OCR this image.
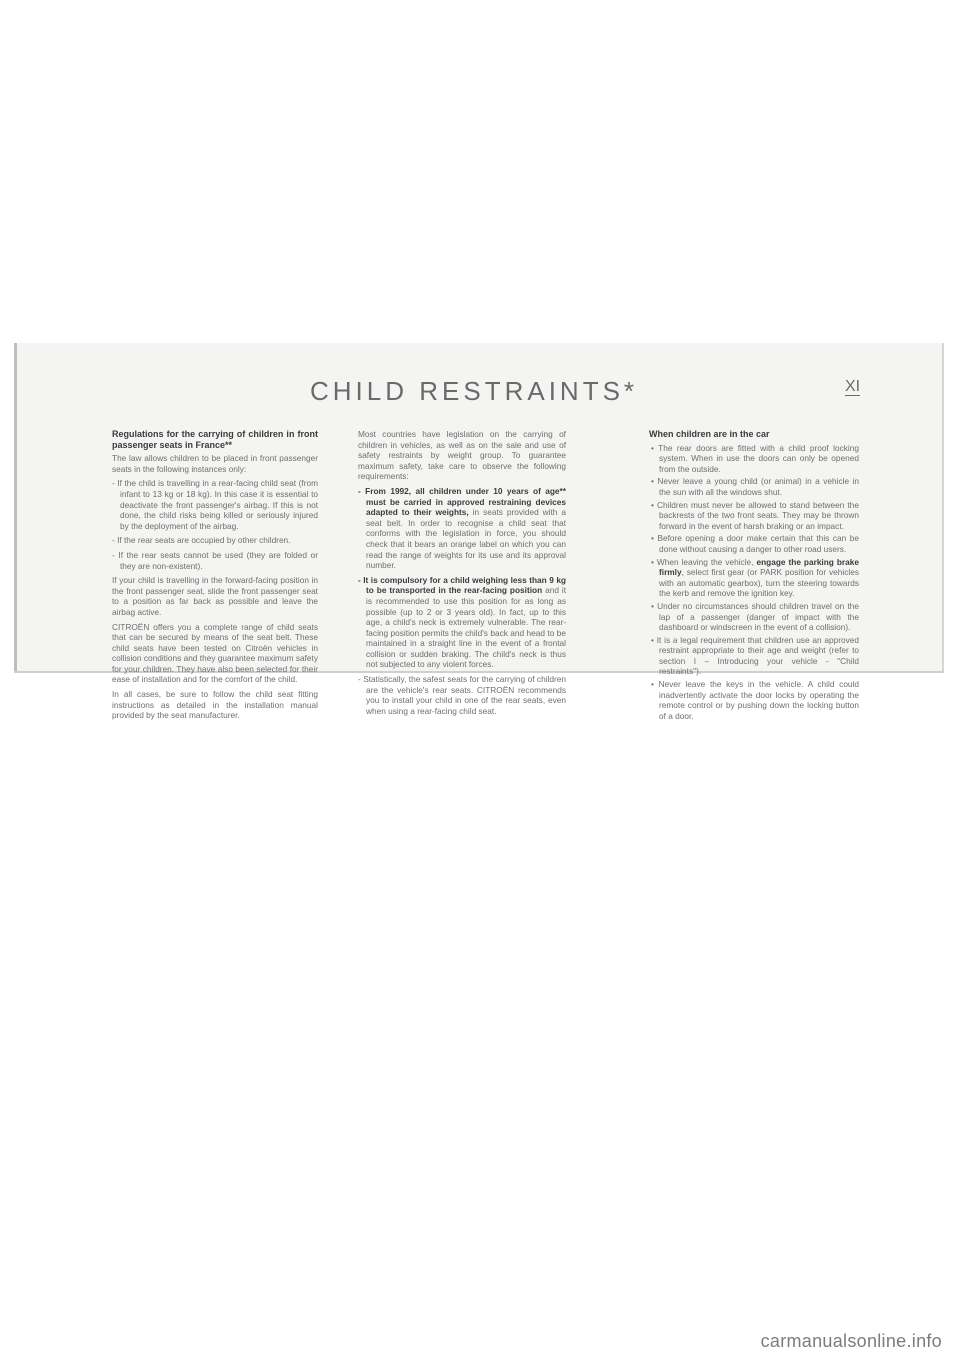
CHILD RESTRAINTS*	XI

Regulations for the carrying of children in front passenger seats in France**

The law allows children to be placed in front passenger seats in the following instances only:

- If the child is travelling in a rear-facing child seat (from infant to 13 kg or 18 kg). In this case it is essential to deactivate the front passenger's airbag. If this is not done, the child risks being killed or seriously injured by the deployment of the airbag.

- If the rear seats are occupied by other children.

- If the rear seats cannot be used (they are folded or they are non-existent).

If your child is travelling in the forward-facing position in the front passenger seat, slide the front passenger seat to a position as far back as possible and leave the airbag active.

CITROËN offers you a complete range of child seats that can be secured by means of the seat belt. These child seats have been tested on Citroën vehicles in collision conditions and they guarantee maximum safety for your children. They have also been selected for their ease of installation and for the comfort of the child.

In all cases, be sure to follow the child seat fitting instructions as detailed in the installation manual provided by the seat manufacturer.

Most countries have legislation on the carrying of children in vehicles, as well as on the sale and use of safety restraints by weight group. To guarantee maximum safety, take care to observe the following requirements:

- From 1992, all children under 10 years of age** must be carried in approved restraining devices adapted to their weights, in seats provided with a seat belt. In order to recognise a child seat that conforms with the legislation in force, you should check that it bears an orange label on which you can read the range of weights for its use and its approval number.

- It is compulsory for a child weighing less than 9 kg to be transported in the rear-facing position and it is recommended to use this position for as long as possible (up to 2 or 3 years old). In fact, up to this age, a child's neck is extremely vulnerable. The rear-facing position permits the child's back and head to be maintained in a straight line in the event of a frontal collision or sudden braking. The child's neck is thus not subjected to any violent forces.

- Statistically, the safest seats for the carrying of children are the vehicle's rear seats. CITROËN recommends you to install your child in one of the rear seats, even when using a rear-facing child seat.

When children are in the car

• The rear doors are fitted with a child proof locking system. When in use the doors can only be opened from the outside.

• Never leave a young child (or animal) in a vehicle in the sun with all the windows shut.

• Children must never be allowed to stand between the backrests of the two front seats. They may be thrown forward in the event of harsh braking or an impact.

• Before opening a door make certain that this can be done without causing a danger to other road users.

• When leaving the vehicle, engage the parking brake firmly, select first gear (or PARK position for vehicles with an automatic gearbox), turn the steering towards the kerb and remove the ignition key.

• Under no circumstances should children travel on the lap of a passenger (danger of impact with the dashboard or windscreen in the event of a collision).

• It is a legal requirement that children use an approved restraint appropriate to their age and weight (refer to section I – Introducing your vehicle - "Child restraints").

• Never leave the keys in the vehicle. A child could inadvertently activate the door locks by operating the remote control or by pushing down the locking button of a door.

carmanualsonline.info
